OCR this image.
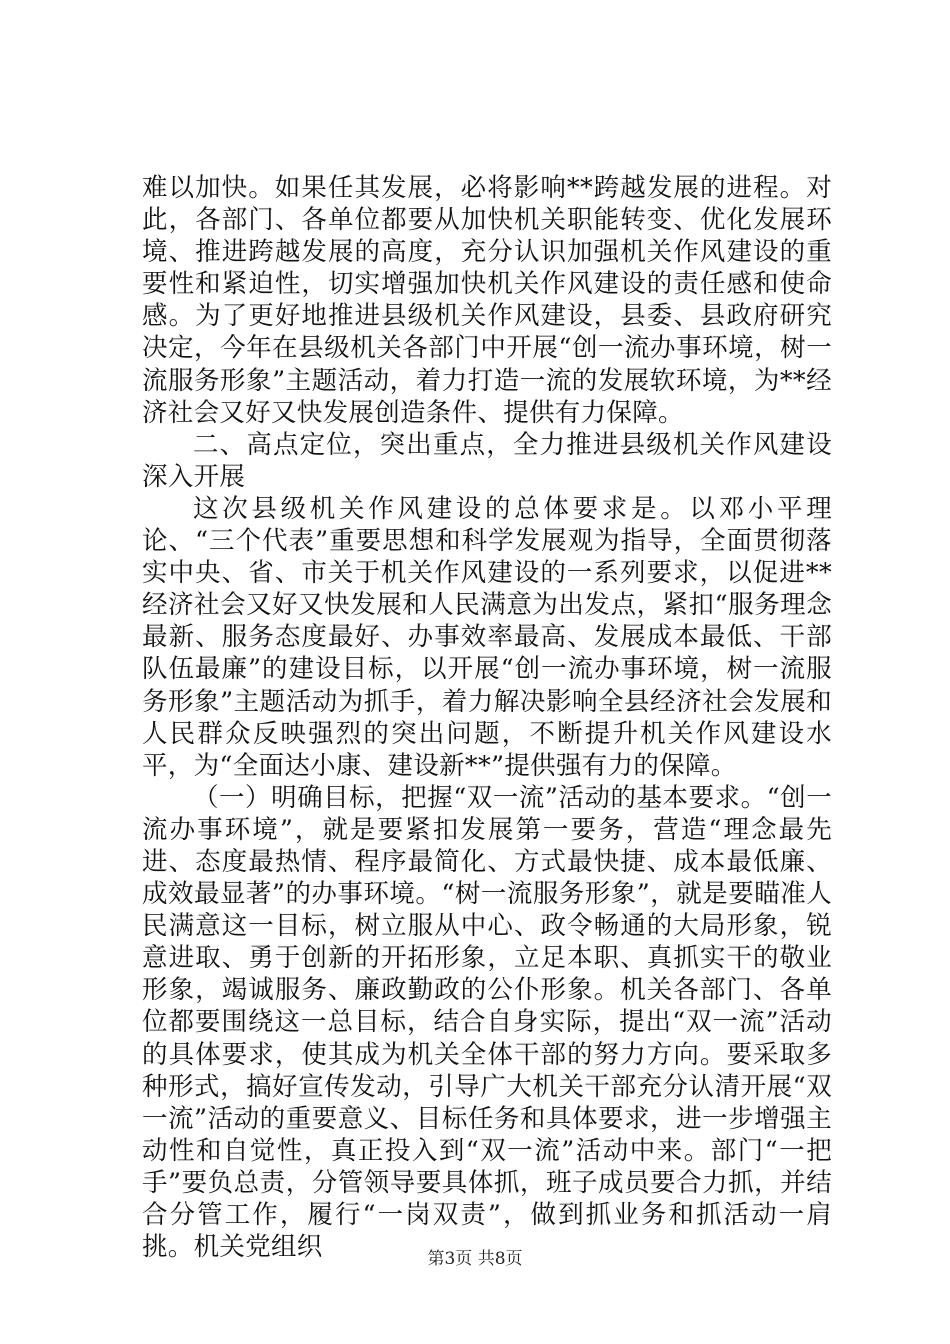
难以加快。如果任其发展，必将影响**跨越发展的进程。对此，各部门、各单位都要从加快机关职能转变、优化发展环境、推进跨越发展的高度，充分认识加强机关作风建设的重要性和紧迫性，切实增强加快机关作风建设的责任感和使命感。为了更好地推进县级机关作风建设，县委、县政府研究决定，今年在县级机关各部门中开展“创一流办事环境，树一流服务形象”主题活动，着力打造一流的发展软环境，为**经济社会又好又快发展创造条件、提供有力保障。

二、高点定位，突出重点，全力推进县级机关作风建设深入开展

这次县级机关作风建设的总体要求是。以邓小平理论、“三个代表”重要思想和科学发展观为指导，全面贯彻落实中央、省、市关于机关作风建设的一系列要求，以促进**经济社会又好又快发展和人民满意为出发点，紧扣“服务理念最新、服务态度最好、办事效率最高、发展成本最低、干部队伍最廉”的建设目标，以开展“创一流办事环境，树一流服务形象”主题活动为抓手，着力解决影响全县经济社会发展和人民群众反映强烈的突出问题，不断提升机关作风建设水平，为“全面达小康、建设新**”提供强有力的保障。

（一）明确目标，把握“双一流”活动的基本要求。“创一流办事环境”，就是要紧扣发展第一要务，营造“理念最先进、态度最热情、程序最简化、方式最快捷、成本最低廉、成效最显著”的办事环境。“树一流服务形象”，就是要瞄准人民满意这一目标，树立服从中心、政令畅通的大局形象，锐意进取、勇于创新的开拓形象，立足本职、真抓实干的敬业形象，竭诚服务、廉政勤政的公仆形象。机关各部门、各单位都要围绕这一总目标，结合自身实际，提出“双一流”活动的具体要求，使其成为机关全体干部的努力方向。要采取多种形式，搞好宣传发动，引导广大机关干部充分认清开展“双一流”活动的重要意义、目标任务和具体要求，进一步增强主动性和自觉性，真正投入到“双一流”活动中来。部门“一把手”要负总责，分管领导要具体抓，班子成员要合力抓，并结合分管工作，履行“一岗双责”，做到抓业务和抓活动一肩挑。机关党组织	第3页 共8页
